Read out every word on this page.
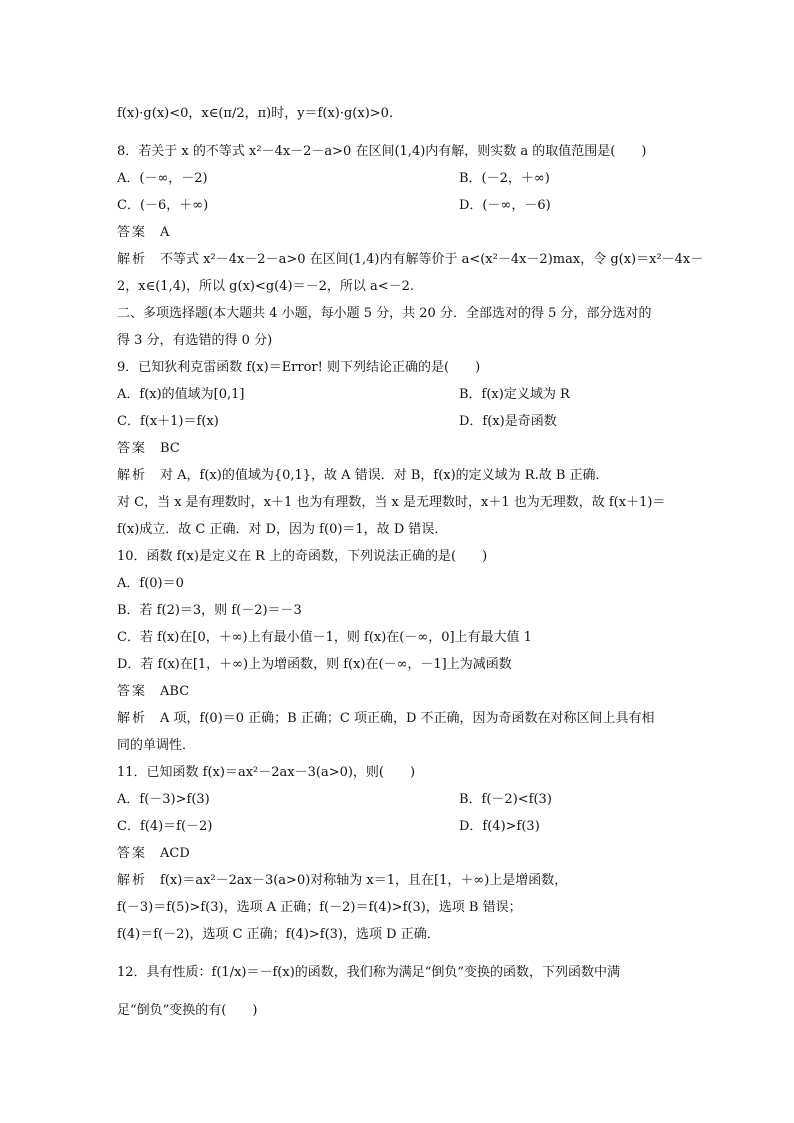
f(x)·g(x)<0，x∈(π/2，π)时，y＝f(x)·g(x)>0.
8．若关于 x 的不等式 x²－4x－2－a>0 在区间(1,4)内有解，则实数 a 的取值范围是(　　)
A．(－∞，－2)	B．(－2，＋∞)
C．(－6，＋∞)	D．(－∞，－6)
答案　 A
解析　 不等式 x²－4x－2－a>0 在区间(1,4)内有解等价于 a<(x²－4x－2)max，令 g(x)＝x²－4x－
2，x∈(1,4)，所以 g(x)<g(4)＝－2，所以 a<－2.
二、多项选择题(本大题共 4 小题，每小题 5 分，共 20 分．全部选对的得 5 分，部分选对的
得 3 分，有选错的得 0 分)
9．已知狄利克雷函数 f(x)＝Error! 则下列结论正确的是(　　)
A．f(x)的值域为[0,1]	B．f(x)定义域为 R
C．f(x＋1)＝f(x)	D．f(x)是奇函数
答案　 BC
解析　 对 A，f(x)的值域为{0,1}，故 A 错误．对 B，f(x)的定义域为 R.故 B 正确．
对 C，当 x 是有理数时，x＋1 也为有理数，当 x 是无理数时，x＋1 也为无理数，故 f(x＋1)＝
f(x)成立．故 C 正确．对 D，因为 f(0)＝1，故 D 错误．
10．函数 f(x)是定义在 R 上的奇函数，下列说法正确的是(　　)
A．f(0)＝0
B．若 f(2)＝3，则 f(－2)＝－3
C．若 f(x)在[0，＋∞)上有最小值－1，则 f(x)在(－∞，0]上有最大值 1
D．若 f(x)在[1，＋∞)上为增函数，则 f(x)在(－∞，－1]上为减函数
答案　 ABC
解析　 A 项，f(0)＝0 正确；B 正确；C 项正确，D 不正确，因为奇函数在对称区间上具有相
同的单调性．
11．已知函数 f(x)＝ax²－2ax－3(a>0)，则(　　)
A．f(－3)>f(3)	B．f(－2)<f(3)
C．f(4)＝f(－2)	D．f(4)>f(3)
答案　 ACD
解析　 f(x)＝ax²－2ax－3(a>0)对称轴为 x＝1，且在[1，＋∞)上是增函数，
f(－3)＝f(5)>f(3)，选项 A 正确；f(－2)＝f(4)>f(3)，选项 B 错误；
f(4)＝f(－2)，选项 C 正确；f(4)>f(3)，选项 D 正确．
12．具有性质：f(1/x)＝－f(x)的函数，我们称为满足“倒负”变换的函数，下列函数中满
足“倒负”变换的有(　　)
